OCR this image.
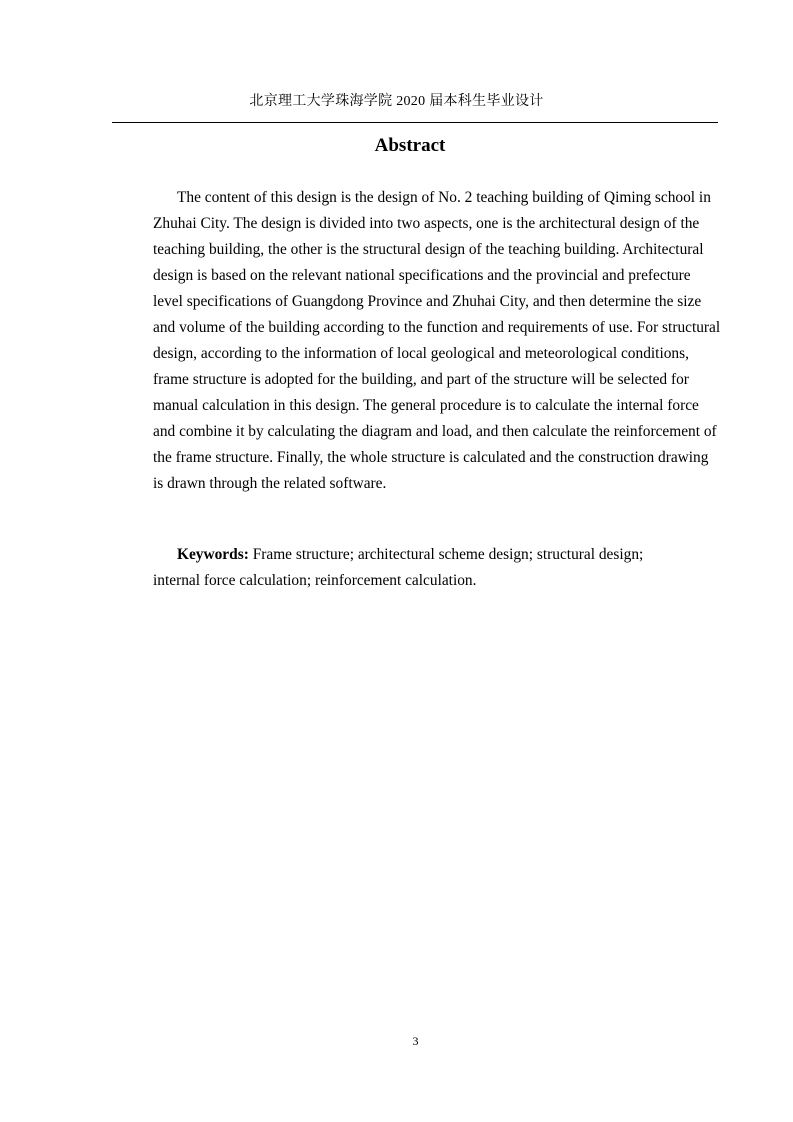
北京理工大学珠海学院 2020 届本科生毕业设计
Abstract

The content of this design is the design of No. 2 teaching building of Qiming school in Zhuhai City. The design is divided into two aspects, one is the architectural design of the teaching building, the other is the structural design of the teaching building. Architectural design is based on the relevant national specifications and the provincial and prefecture level specifications of Guangdong Province and Zhuhai City, and then determine the size and volume of the building according to the function and requirements of use. For structural design, according to the information of local geological and meteorological conditions, frame structure is adopted for the building, and part of the structure will be selected for manual calculation in this design. The general procedure is to calculate the internal force and combine it by calculating the diagram and load, and then calculate the reinforcement of the frame structure. Finally, the whole structure is calculated and the construction drawing is drawn through the related software.

Keywords: Frame structure; architectural scheme design; structural design; internal force calculation; reinforcement calculation.

3
